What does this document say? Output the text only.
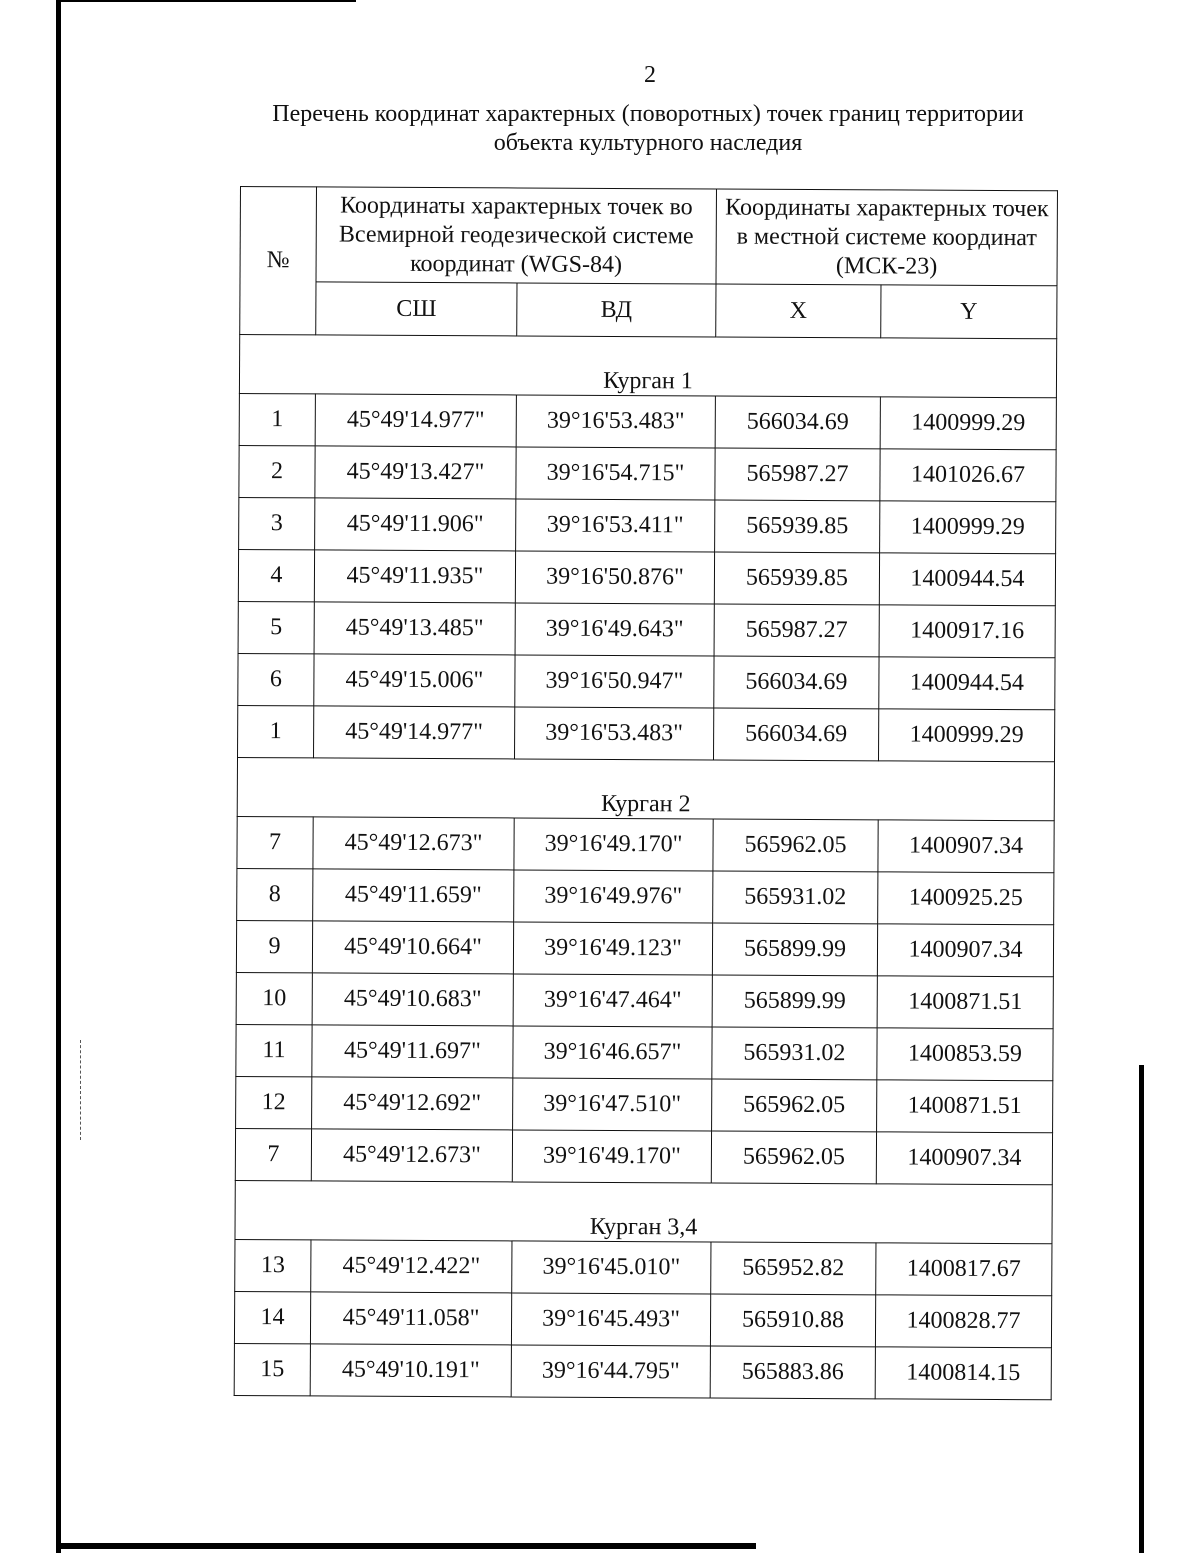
2
Перечень координат характерных (поворотных) точек границ территории
объекта культурного наследия
№	Координаты характерных точек во Всемирной геодезической системе координат (WGS-84)		Координаты характерных точек в местной системе координат (МСК-23)	
	СШ	ВД	X	Y
Курган 1				
1	45°49'14.977"	39°16'53.483"	566034.69	1400999.29
2	45°49'13.427"	39°16'54.715"	565987.27	1401026.67
3	45°49'11.906"	39°16'53.411"	565939.85	1400999.29
4	45°49'11.935"	39°16'50.876"	565939.85	1400944.54
5	45°49'13.485"	39°16'49.643"	565987.27	1400917.16
6	45°49'15.006"	39°16'50.947"	566034.69	1400944.54
1	45°49'14.977"	39°16'53.483"	566034.69	1400999.29
Курган 2				
7	45°49'12.673"	39°16'49.170"	565962.05	1400907.34
8	45°49'11.659"	39°16'49.976"	565931.02	1400925.25
9	45°49'10.664"	39°16'49.123"	565899.99	1400907.34
10	45°49'10.683"	39°16'47.464"	565899.99	1400871.51
11	45°49'11.697"	39°16'46.657"	565931.02	1400853.59
12	45°49'12.692"	39°16'47.510"	565962.05	1400871.51
7	45°49'12.673"	39°16'49.170"	565962.05	1400907.34
Курган 3,4				
13	45°49'12.422"	39°16'45.010"	565952.82	1400817.67
14	45°49'11.058"	39°16'45.493"	565910.88	1400828.77
15	45°49'10.191"	39°16'44.795"	565883.86	1400814.15
